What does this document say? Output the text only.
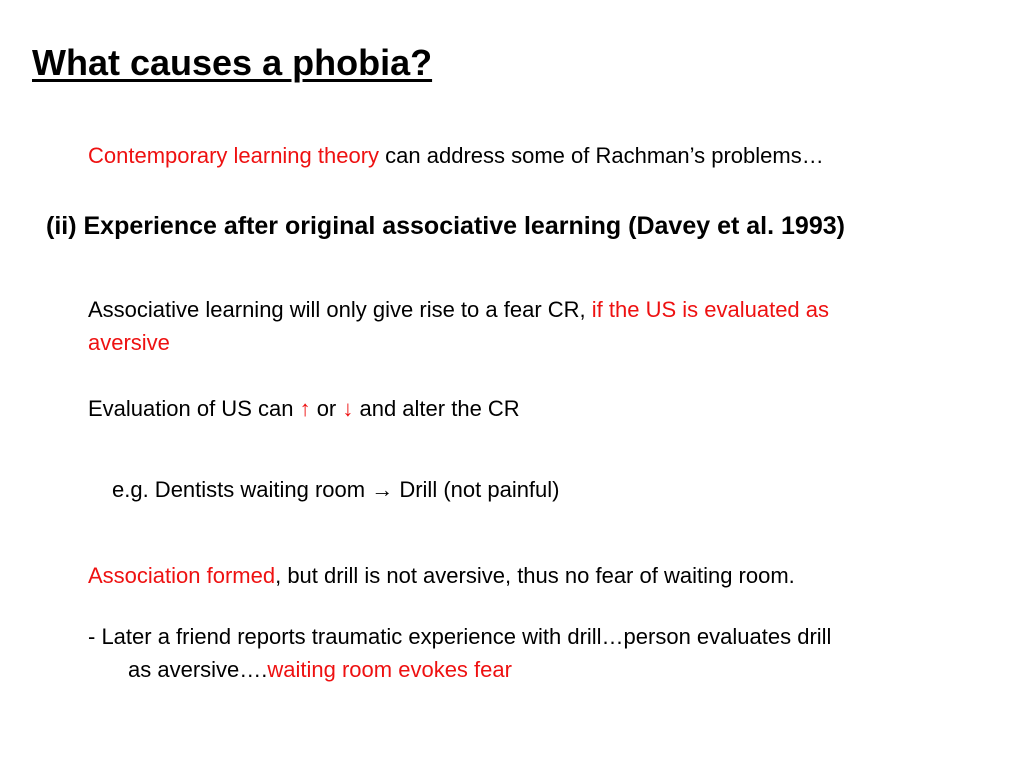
What causes a phobia?
Contemporary learning theory can address some of Rachman’s problems…
(ii) Experience after original associative learning (Davey et al. 1993)
Associative learning will only give rise to a fear CR, if the US is evaluated as
aversive
Evaluation of US can ↑ or ↓ and alter the CR
e.g. Dentists waiting room → Drill (not painful)
Association formed, but drill is not aversive, thus no fear of waiting room.
- Later a friend reports traumatic experience with drill…person evaluates drill
as aversive….waiting room evokes fear
